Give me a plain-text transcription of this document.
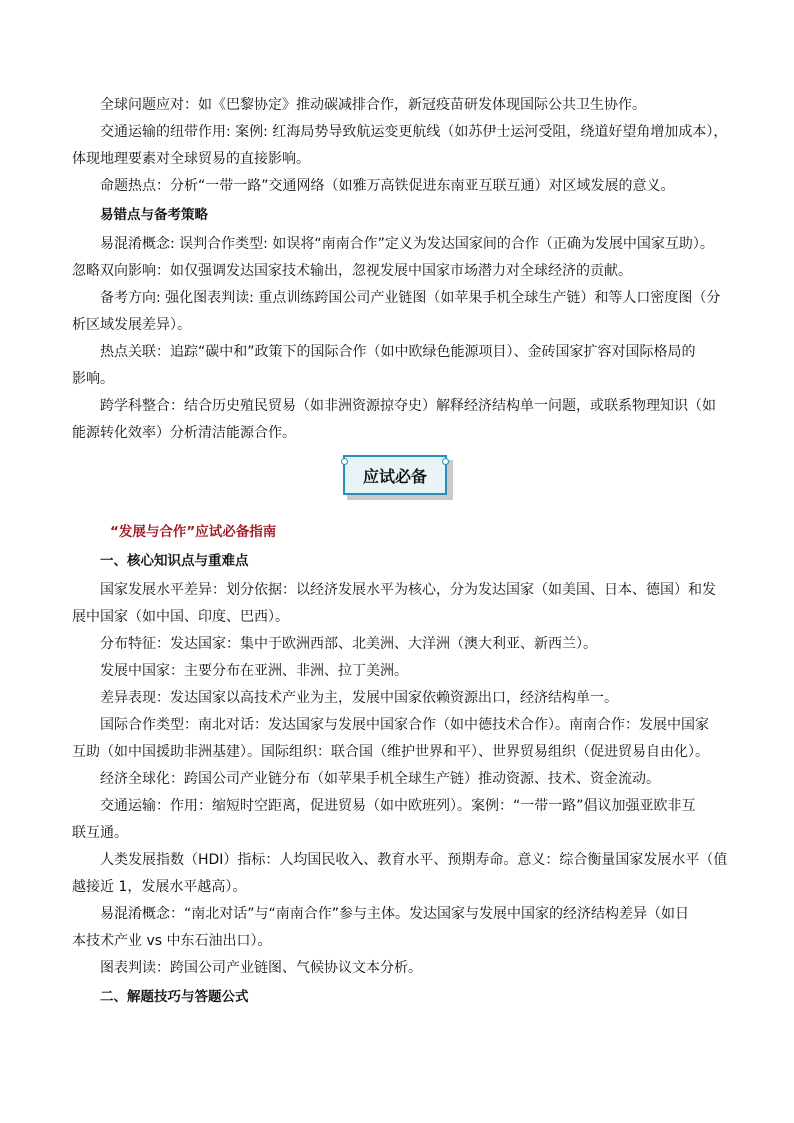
全球问题应对：如《巴黎协定》推动碳减排合作，新冠疫苗研发体现国际公共卫生协作。

交通运输的纽带作用: 案例: 红海局势导致航运变更航线（如苏伊士运河受阻，绕道好望角增加成本），

体现地理要素对全球贸易的直接影响。

命题热点：分析“一带一路”交通网络（如雅万高铁促进东南亚互联互通）对区域发展的意义。

易错点与备考策略

易混淆概念: 误判合作类型: 如误将“南南合作”定义为发达国家间的合作（正确为发展中国家互助）。

忽略双向影响：如仅强调发达国家技术输出，忽视发展中国家市场潜力对全球经济的贡献。

备考方向: 强化图表判读: 重点训练跨国公司产业链图（如苹果手机全球生产链）和等人口密度图（分

析区域发展差异）。

热点关联：追踪“碳中和”政策下的国际合作（如中欧绿色能源项目）、金砖国家扩容对国际格局的

影响。

跨学科整合：结合历史殖民贸易（如非洲资源掠夺史）解释经济结构单一问题，或联系物理知识（如

能源转化效率）分析清洁能源合作。

应试必备

“发展与合作”应试必备指南

一、核心知识点与重难点

国家发展水平差异：划分依据：以经济发展水平为核心，分为发达国家（如美国、日本、德国）和发

展中国家（如中国、印度、巴西）。

分布特征：发达国家：集中于欧洲西部、北美洲、大洋洲（澳大利亚、新西兰）。

发展中国家：主要分布在亚洲、非洲、拉丁美洲。

差异表现：发达国家以高技术产业为主，发展中国家依赖资源出口，经济结构单一。

国际合作类型：南北对话：发达国家与发展中国家合作（如中德技术合作）。南南合作：发展中国家

互助（如中国援助非洲基建）。国际组织：联合国（维护世界和平）、世界贸易组织（促进贸易自由化）。

经济全球化：跨国公司产业链分布（如苹果手机全球生产链）推动资源、技术、资金流动。

交通运输：作用：缩短时空距离，促进贸易（如中欧班列）。案例：“一带一路”倡议加强亚欧非互

联互通。

人类发展指数（HDI）指标：人均国民收入、教育水平、预期寿命。意义：综合衡量国家发展水平（值

越接近 1，发展水平越高）。

易混淆概念：“南北对话”与“南南合作”参与主体。发达国家与发展中国家的经济结构差异（如日

本技术产业 vs 中东石油出口）。

图表判读：跨国公司产业链图、气候协议文本分析。

二、解题技巧与答题公式
